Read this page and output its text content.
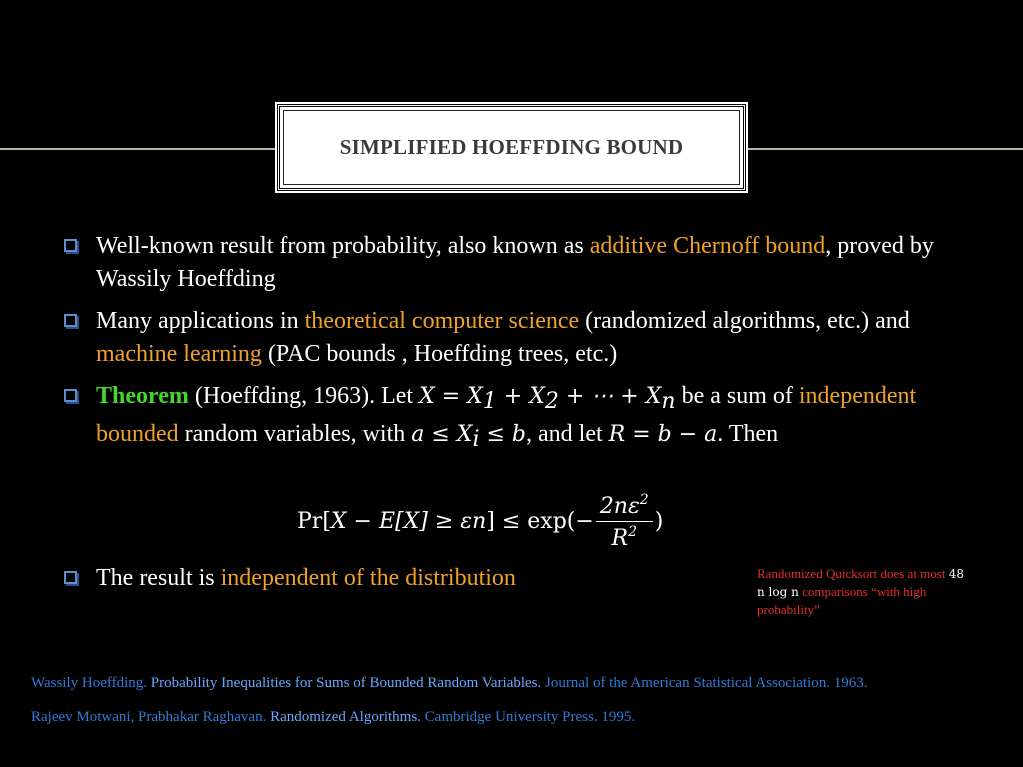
SIMPLIFIED HOEFFDING BOUND
Well-known result from probability, also known as additive Chernoff bound, proved by Wassily Hoeffding
Many applications in theoretical computer science (randomized algorithms, etc.) and machine learning (PAC bounds , Hoeffding trees, etc.)
Theorem (Hoeffding, 1963). Let $X = X_1 + X_2$ + ⋯ + $X_n$ be a sum of independent bounded random variables, with $a \le X_i \le b$, and let R = b − a. Then
Pr[ X − E[X] ≥ εn ] ≤ $\exp(- \frac{2n\varepsilon^2}{R^2}$ )
The result is independent of the distribution	Randomized Quicksort does at most 48 n log n comparisons “with high probability”
Wassily Hoeffding. Probability Inequalities for Sums of Bounded Random Variables. Journal of the American Statistical Association. 1963.
Rajeev Motwani, Prabhakar Raghavan. Randomized Algorithms. Cambridge University Press. 1995.
